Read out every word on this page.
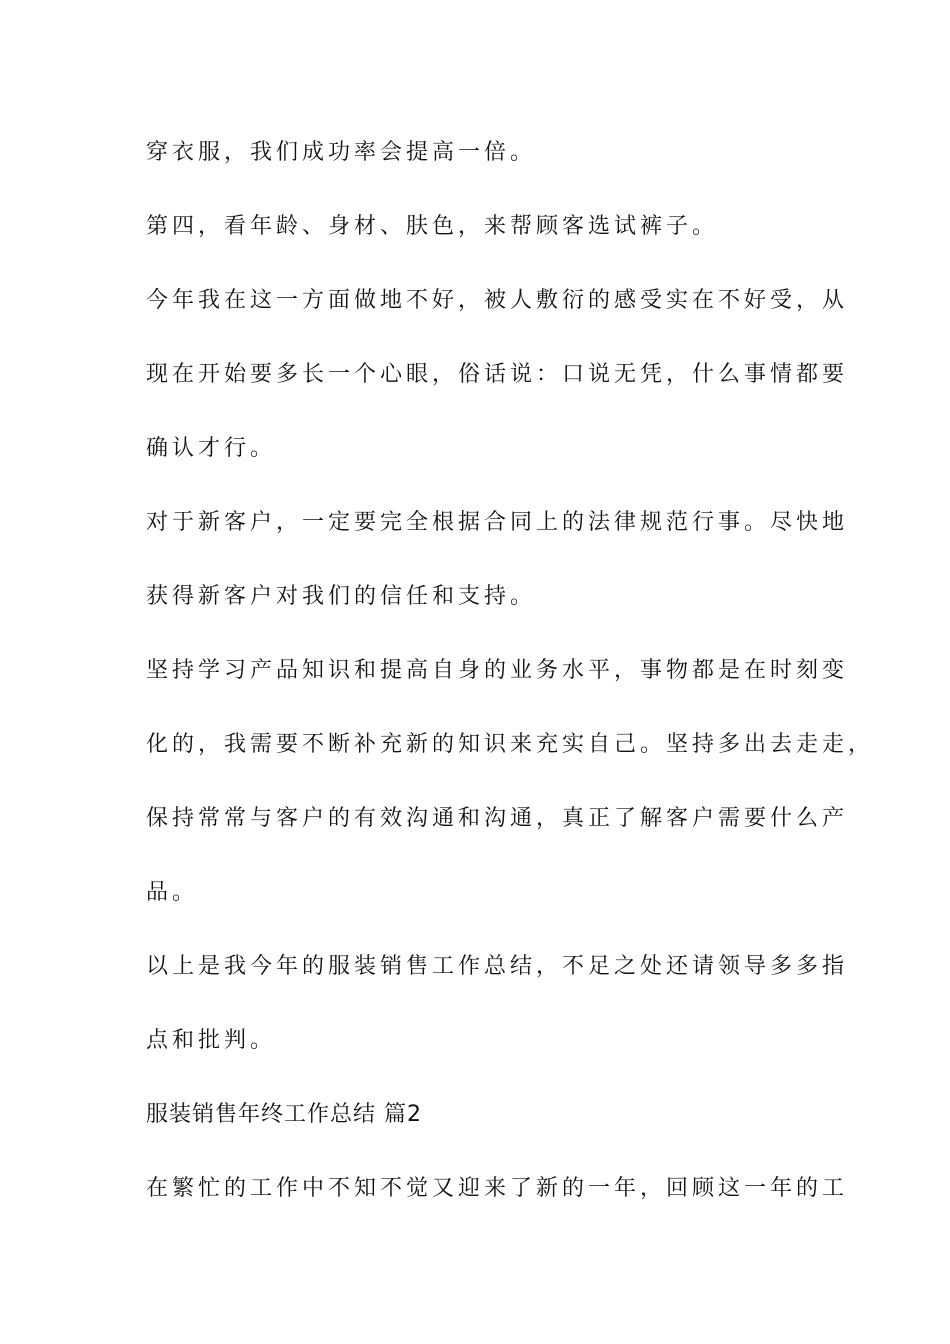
穿衣服，我们成功率会提高一倍。

第四，看年龄、身材、肤色，来帮顾客选试裤子。

今年我在这一方面做地不好，被人敷衍的感受实在不好受，从

现在开始要多长一个心眼，俗话说：口说无凭，什么事情都要

确认才行。

对于新客户，一定要完全根据合同上的法律规范行事。尽快地

获得新客户对我们的信任和支持。

坚持学习产品知识和提高自身的业务水平，事物都是在时刻变

化的，我需要不断补充新的知识来充实自己。坚持多出去走走，

保持常常与客户的有效沟通和沟通，真正了解客户需要什么产

品。

以上是我今年的服装销售工作总结，不足之处还请领导多多指

点和批判。

服装销售年终工作总结 篇2

在繁忙的工作中不知不觉又迎来了新的一年，回顾这一年的工
